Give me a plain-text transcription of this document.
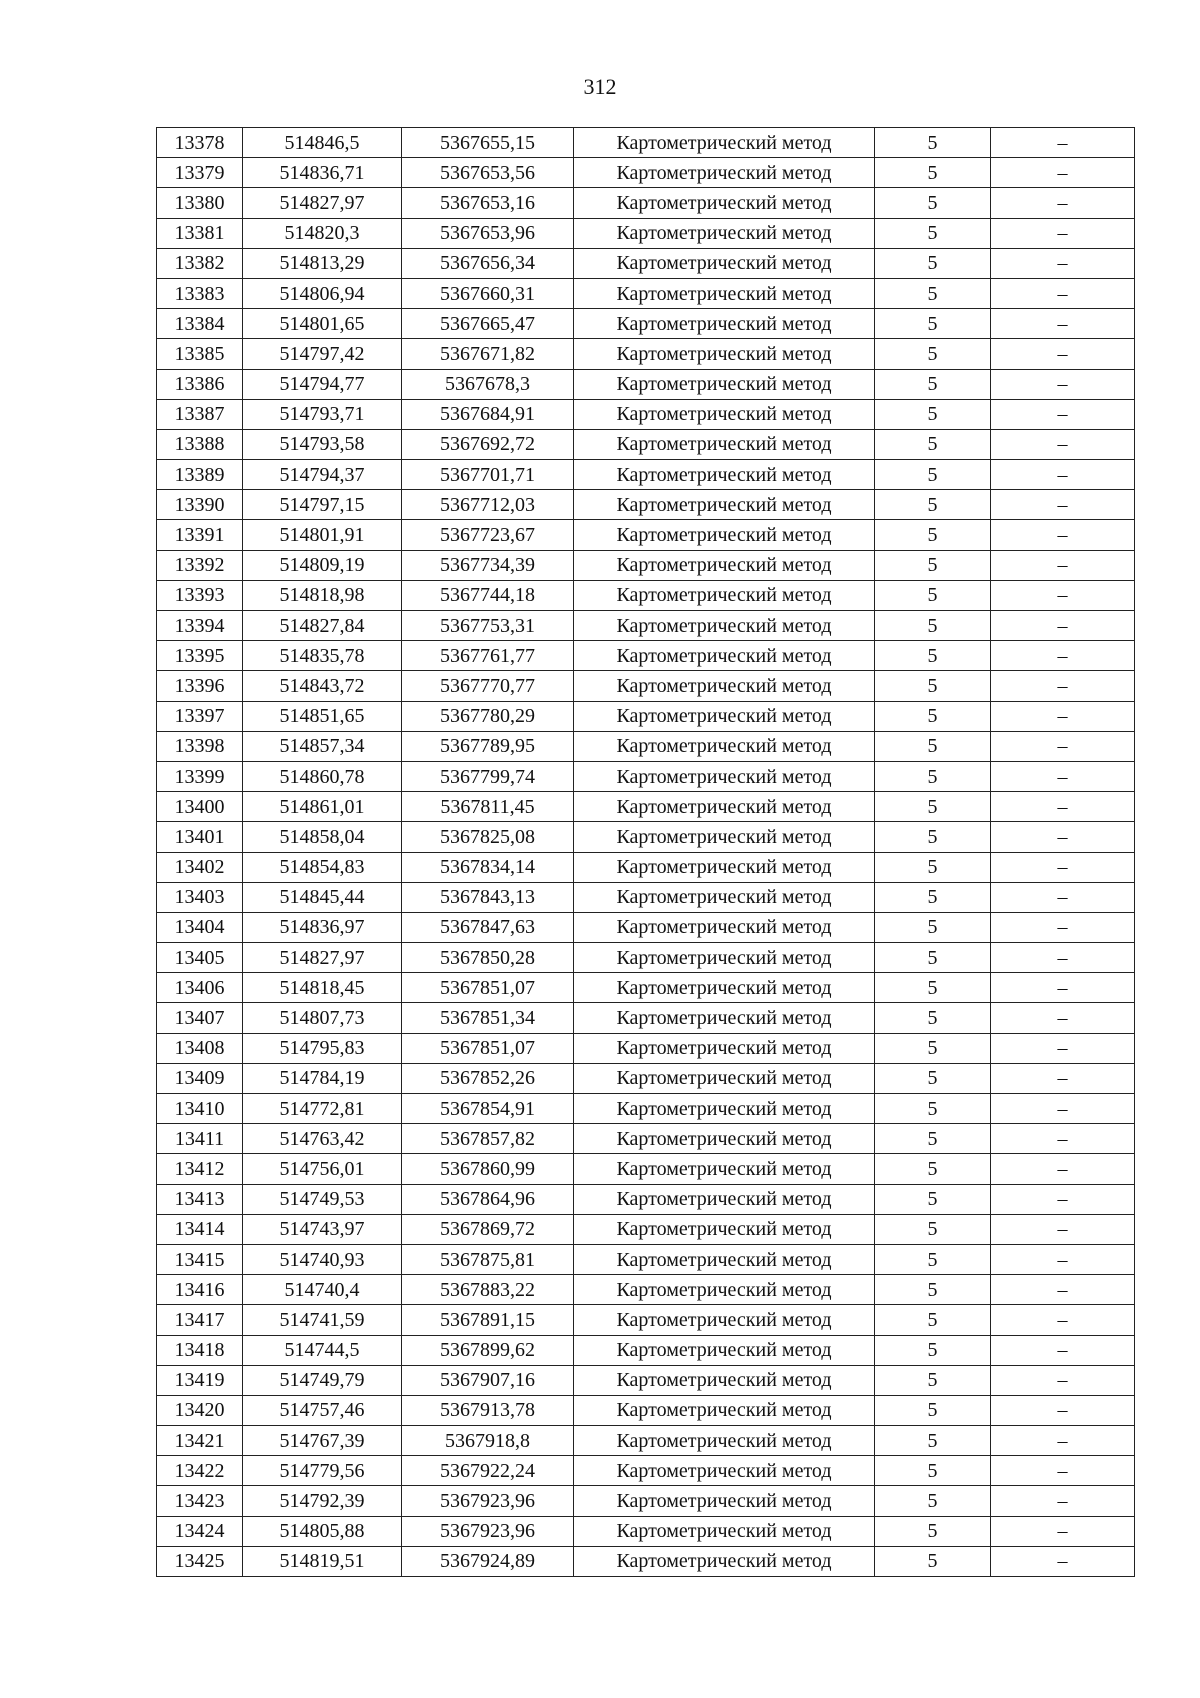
312
13378	514846,5	5367655,15	Картометрический метод	5	–
13379	514836,71	5367653,56	Картометрический метод	5	–
13380	514827,97	5367653,16	Картометрический метод	5	–
13381	514820,3	5367653,96	Картометрический метод	5	–
13382	514813,29	5367656,34	Картометрический метод	5	–
13383	514806,94	5367660,31	Картометрический метод	5	–
13384	514801,65	5367665,47	Картометрический метод	5	–
13385	514797,42	5367671,82	Картометрический метод	5	–
13386	514794,77	5367678,3	Картометрический метод	5	–
13387	514793,71	5367684,91	Картометрический метод	5	–
13388	514793,58	5367692,72	Картометрический метод	5	–
13389	514794,37	5367701,71	Картометрический метод	5	–
13390	514797,15	5367712,03	Картометрический метод	5	–
13391	514801,91	5367723,67	Картометрический метод	5	–
13392	514809,19	5367734,39	Картометрический метод	5	–
13393	514818,98	5367744,18	Картометрический метод	5	–
13394	514827,84	5367753,31	Картометрический метод	5	–
13395	514835,78	5367761,77	Картометрический метод	5	–
13396	514843,72	5367770,77	Картометрический метод	5	–
13397	514851,65	5367780,29	Картометрический метод	5	–
13398	514857,34	5367789,95	Картометрический метод	5	–
13399	514860,78	5367799,74	Картометрический метод	5	–
13400	514861,01	5367811,45	Картометрический метод	5	–
13401	514858,04	5367825,08	Картометрический метод	5	–
13402	514854,83	5367834,14	Картометрический метод	5	–
13403	514845,44	5367843,13	Картометрический метод	5	–
13404	514836,97	5367847,63	Картометрический метод	5	–
13405	514827,97	5367850,28	Картометрический метод	5	–
13406	514818,45	5367851,07	Картометрический метод	5	–
13407	514807,73	5367851,34	Картометрический метод	5	–
13408	514795,83	5367851,07	Картометрический метод	5	–
13409	514784,19	5367852,26	Картометрический метод	5	–
13410	514772,81	5367854,91	Картометрический метод	5	–
13411	514763,42	5367857,82	Картометрический метод	5	–
13412	514756,01	5367860,99	Картометрический метод	5	–
13413	514749,53	5367864,96	Картометрический метод	5	–
13414	514743,97	5367869,72	Картометрический метод	5	–
13415	514740,93	5367875,81	Картометрический метод	5	–
13416	514740,4	5367883,22	Картометрический метод	5	–
13417	514741,59	5367891,15	Картометрический метод	5	–
13418	514744,5	5367899,62	Картометрический метод	5	–
13419	514749,79	5367907,16	Картометрический метод	5	–
13420	514757,46	5367913,78	Картометрический метод	5	–
13421	514767,39	5367918,8	Картометрический метод	5	–
13422	514779,56	5367922,24	Картометрический метод	5	–
13423	514792,39	5367923,96	Картометрический метод	5	–
13424	514805,88	5367923,96	Картометрический метод	5	–
13425	514819,51	5367924,89	Картометрический метод	5	–
